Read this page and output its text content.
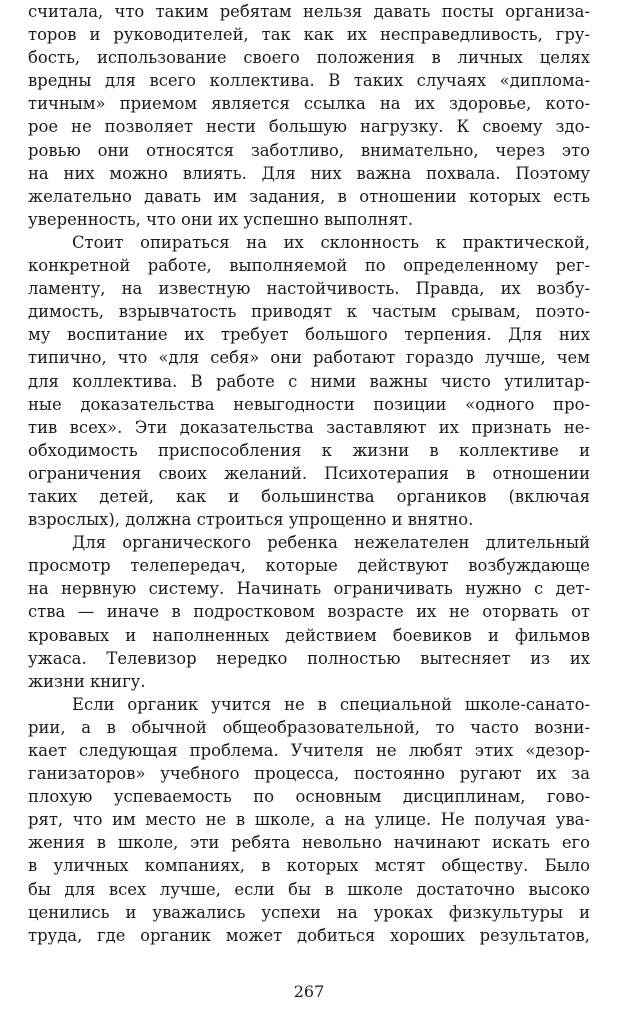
считала, что таким ребятам нельзя давать посты организа-
торов и руководителей, так как их несправедливость, гру-
бость, использование своего положения в личных целях
вредны для всего коллектива. В таких случаях «диплома-
тичным» приемом является ссылка на их здоровье, кото-
рое не позволяет нести большую нагрузку. К своему здо-
ровью они относятся заботливо, внимательно, через это
на них можно влиять. Для них важна похвала. Поэтому
желательно давать им задания, в отношении которых есть
уверенность, что они их успешно выполнят.
Стоит опираться на их склонность к практической,
конкретной работе, выполняемой по определенному рег-
ламенту, на известную настойчивость. Правда, их возбу-
димость, взрывчатость приводят к частым срывам, поэто-
му воспитание их требует большого терпения. Для них
типично, что «для себя» они работают гораздо лучше, чем
для коллектива. В работе с ними важны чисто утилитар-
ные доказательства невыгодности позиции «одного про-
тив всех». Эти доказательства заставляют их признать не-
обходимость приспособления к жизни в коллективе и
ограничения своих желаний. Психотерапия в отношении
таких детей, как и большинства органиков (включая
взрослых), должна строиться упрощенно и внятно.
Для органического ребенка нежелателен длительный
просмотр телепередач, которые действуют возбуждающе
на нервную систему. Начинать ограничивать нужно с дет-
ства — иначе в подростковом возрасте их не оторвать от
кровавых и наполненных действием боевиков и фильмов
ужаса. Телевизор нередко полностью вытесняет из их
жизни книгу.
Если органик учится не в специальной школе-санато-
рии, а в обычной общеобразовательной, то часто возни-
кает следующая проблема. Учителя не любят этих «дезор-
ганизаторов» учебного процесса, постоянно ругают их за
плохую успеваемость по основным дисциплинам, гово-
рят, что им место не в школе, а на улице. Не получая ува-
жения в школе, эти ребята невольно начинают искать его
в уличных компаниях, в которых мстят обществу. Было
бы для всех лучше, если бы в школе достаточно высоко
ценились и уважались успехи на уроках физкультуры и
труда, где органик может добиться хороших результатов,
267
